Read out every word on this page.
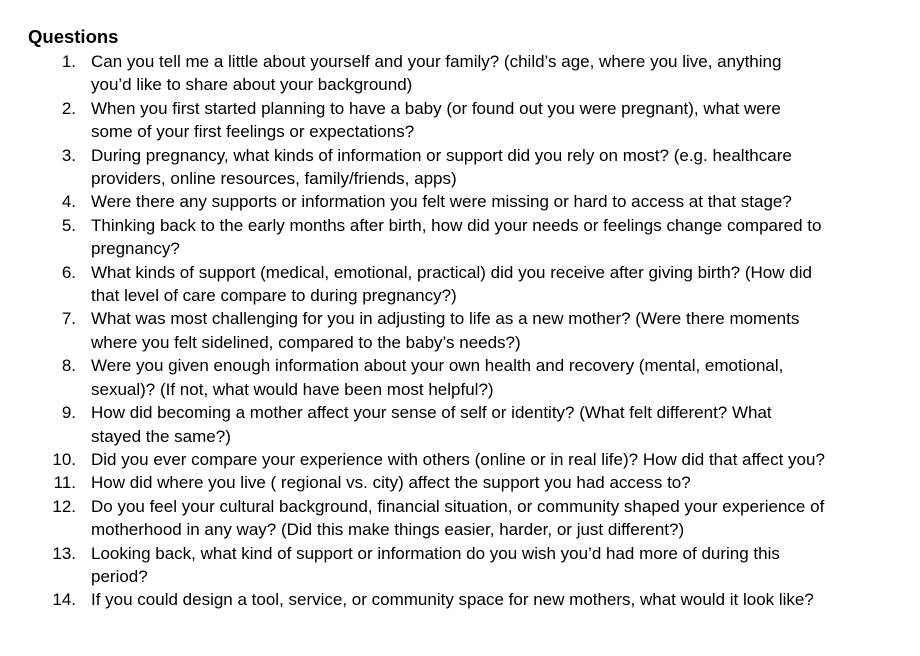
Questions
1. Can you tell me a little about yourself and your family? (child’s age, where you live, anything
you’d like to share about your background)
2. When you first started planning to have a baby (or found out you were pregnant), what were
some of your first feelings or expectations?
3. During pregnancy, what kinds of information or support did you rely on most? (e.g. healthcare
providers, online resources, family/friends, apps)
4. Were there any supports or information you felt were missing or hard to access at that stage?
5. Thinking back to the early months after birth, how did your needs or feelings change compared to
pregnancy?
6. What kinds of support (medical, emotional, practical) did you receive after giving birth? (How did
that level of care compare to during pregnancy?)
7. What was most challenging for you in adjusting to life as a new mother? (Were there moments
where you felt sidelined, compared to the baby’s needs?)
8. Were you given enough information about your own health and recovery (mental, emotional,
sexual)? (If not, what would have been most helpful?)
9. How did becoming a mother affect your sense of self or identity? (What felt different? What
stayed the same?)
10. Did you ever compare your experience with others (online or in real life)? How did that affect you?
11. How did where you live ( regional vs. city) affect the support you had access to?
12. Do you feel your cultural background, financial situation, or community shaped your experience of
motherhood in any way? (Did this make things easier, harder, or just different?)
13. Looking back, what kind of support or information do you wish you’d had more of during this
period?
14. If you could design a tool, service, or community space for new mothers, what would it look like?
